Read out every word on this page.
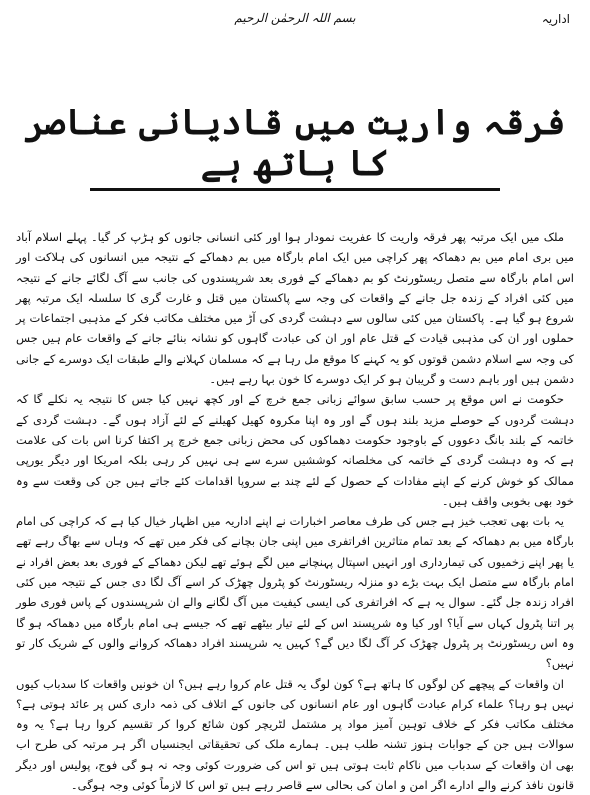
اداریہ
بسم اللہ الرحمٰن الرحیم
فرقہ واریت میں قادیانی عناصر کا ہاتھ ہے

ملک میں ایک مرتبہ پھر فرقہ واریت کا عفریت نمودار ہوا اور کئی انسانی جانوں کو ہڑپ کر گیا۔ پہلے اسلام آباد میں بری امام میں بم دھماکہ پھر کراچی میں ایک امام بارگاہ میں بم دھماکے کے نتیجہ میں انسانوں کی ہلاکت اور اس امام بارگاہ سے متصل ریسٹورنٹ کو بم دھماکے کے فوری بعد شرپسندوں کی جانب سے آگ لگائے جانے کے نتیجہ میں کئی افراد کے زندہ جل جانے کے واقعات کی وجہ سے پاکستان میں قتل و غارت گری کا سلسلہ ایک مرتبہ پھر شروع ہو گیا ہے۔ پاکستان میں کئی سالوں سے دہشت گردی کی آڑ میں مختلف مکاتب فکر کے مذہبی اجتماعات پر حملوں اور ان کی مذہبی قیادت کے قتل عام اور ان کی عبادت گاہوں کو نشانہ بنائے جانے کے واقعات عام ہیں جس کی وجہ سے اسلام دشمن قوتوں کو یہ کہنے کا موقع مل رہا ہے کہ مسلمان کہلانے والے طبقات ایک دوسرے کے جانی دشمن ہیں اور باہم دست و گریبان ہو کر ایک دوسرے کا خون بہا رہے ہیں۔

حکومت نے اس موقع پر حسب سابق سوائے زبانی جمع خرچ کے اور کچھ نہیں کیا جس کا نتیجہ یہ نکلے گا کہ دہشت گردوں کے حوصلے مزید بلند ہوں گے اور وہ اپنا مکروہ کھیل کھیلنے کے لئے آزاد ہوں گے۔ دہشت گردی کے خاتمہ کے بلند بانگ دعووں کے باوجود حکومت دھماکوں کی محض زبانی جمع خرچ پر اکتفا کرنا اس بات کی علامت ہے کہ وہ دہشت گردی کے خاتمہ کی مخلصانہ کوششیں سرے سے ہی نہیں کر رہی بلکہ امریکا اور دیگر یورپی ممالک کو خوش کرنے کے اپنے مفادات کے حصول کے لئے چند بے سروپا اقدامات کئے جاتے ہیں جن کی وقعت سے وہ خود بھی بخوبی واقف ہیں۔

یہ بات بھی تعجب خیز ہے جس کی طرف معاصر اخبارات نے اپنے اداریہ میں اظہار خیال کیا ہے کہ کراچی کی امام بارگاہ میں بم دھماکہ کے بعد تمام متاثرین افراتفری میں اپنی جان بچانے کی فکر میں تھے کہ وہاں سے بھاگ رہے تھے یا پھر اپنے زخمیوں کی تیمارداری اور انہیں اسپتال پہنچانے میں لگے ہوئے تھے لیکن دھماکے کے فوری بعد بعض افراد نے امام بارگاہ سے متصل ایک بہت بڑے دو منزلہ ریسٹورنٹ کو پٹرول چھڑک کر اسے آگ لگا دی جس کے نتیجہ میں کئی افراد زندہ جل گئے۔ سوال یہ ہے کہ افراتفری کی ایسی کیفیت میں آگ لگانے والے ان شرپسندوں کے پاس فوری طور پر اتنا پٹرول کہاں سے آیا؟ اور کیا وہ شرپسند اس کے لئے تیار بیٹھے تھے کہ جیسے ہی امام بارگاہ میں دھماکہ ہو گا وہ اس ریسٹورنٹ پر پٹرول چھڑک کر آگ لگا دیں گے؟ کہیں یہ شرپسند افراد دھماکہ کروانے والوں کے شریک کار تو نہیں؟

ان واقعات کے پیچھے کن لوگوں کا ہاتھ ہے؟ کون لوگ یہ قتل عام کروا رہے ہیں؟ ان خونیں واقعات کا سدباب کیوں نہیں ہو رہا؟ علماء کرام عبادت گاہوں اور عام انسانوں کی جانوں کے اتلاف کی ذمہ داری کس پر عائد ہوتی ہے؟ مختلف مکاتب فکر کے خلاف توہین آمیز مواد پر مشتمل لٹریچر کون شائع کروا کر تقسیم کروا رہا ہے؟ یہ وہ سوالات ہیں جن کے جوابات ہنوز تشنہ طلب ہیں۔ ہمارے ملک کی تحقیقاتی ایجنسیاں اگر ہر مرتبہ کی طرح اب بھی ان واقعات کے سدباب میں ناکام ثابت ہوتی ہیں تو اس کی ضرورت کوئی وجہ نہ ہو گی فوج، پولیس اور دیگر قانون نافذ کرنے والے ادارے اگر امن و امان کی بحالی سے قاصر رہے ہیں تو اس کا لازماً کوئی وجہ ہوگی۔
